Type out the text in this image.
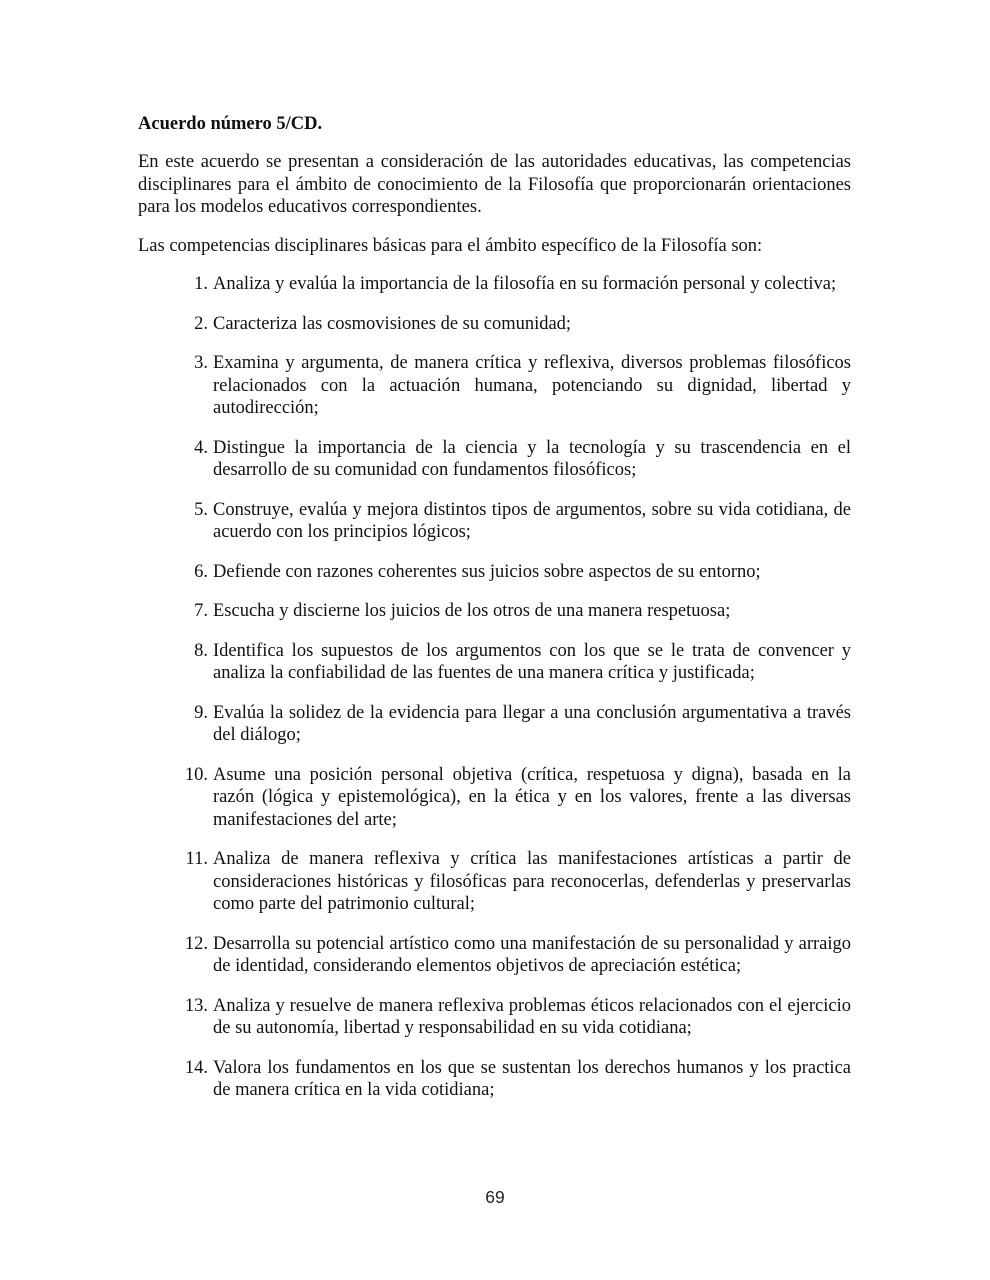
Acuerdo número 5/CD.

En este acuerdo se presentan a consideración de las autoridades educativas, las competencias disciplinares para el ámbito de conocimiento de la Filosofía que proporcionarán orientaciones para los modelos educativos correspondientes.

Las competencias disciplinares básicas para el ámbito específico de la Filosofía son:

1. Analiza y evalúa la importancia de la filosofía en su formación personal y colectiva;
2. Caracteriza las cosmovisiones de su comunidad;
3. Examina y argumenta, de manera crítica y reflexiva, diversos problemas filosóficos relacionados con la actuación humana, potenciando su dignidad, libertad y autodirección;
4. Distingue la importancia de la ciencia y la tecnología y su trascendencia en el desarrollo de su comunidad con fundamentos filosóficos;
5. Construye, evalúa y mejora distintos tipos de argumentos, sobre su vida cotidiana, de acuerdo con los principios lógicos;
6. Defiende con razones coherentes sus juicios sobre aspectos de su entorno;
7. Escucha y discierne los juicios de los otros de una manera respetuosa;
8. Identifica los supuestos de los argumentos con los que se le trata de convencer y analiza la confiabilidad de las fuentes de una manera crítica y justificada;
9. Evalúa la solidez de la evidencia para llegar a una conclusión argumentativa a través del diálogo;
10. Asume una posición personal objetiva (crítica, respetuosa y digna), basada en la razón (lógica y epistemológica), en la ética y en los valores, frente a las diversas manifestaciones del arte;
11. Analiza de manera reflexiva y crítica las manifestaciones artísticas a partir de consideraciones históricas y filosóficas para reconocerlas, defenderlas y preservarlas como parte del patrimonio cultural;
12. Desarrolla su potencial artístico como una manifestación de su personalidad y arraigo de identidad, considerando elementos objetivos de apreciación estética;
13. Analiza y resuelve de manera reflexiva problemas éticos relacionados con el ejercicio de su autonomía, libertad y responsabilidad en su vida cotidiana;
14. Valora los fundamentos en los que se sustentan los derechos humanos y los practica de manera crítica en la vida cotidiana;
69
